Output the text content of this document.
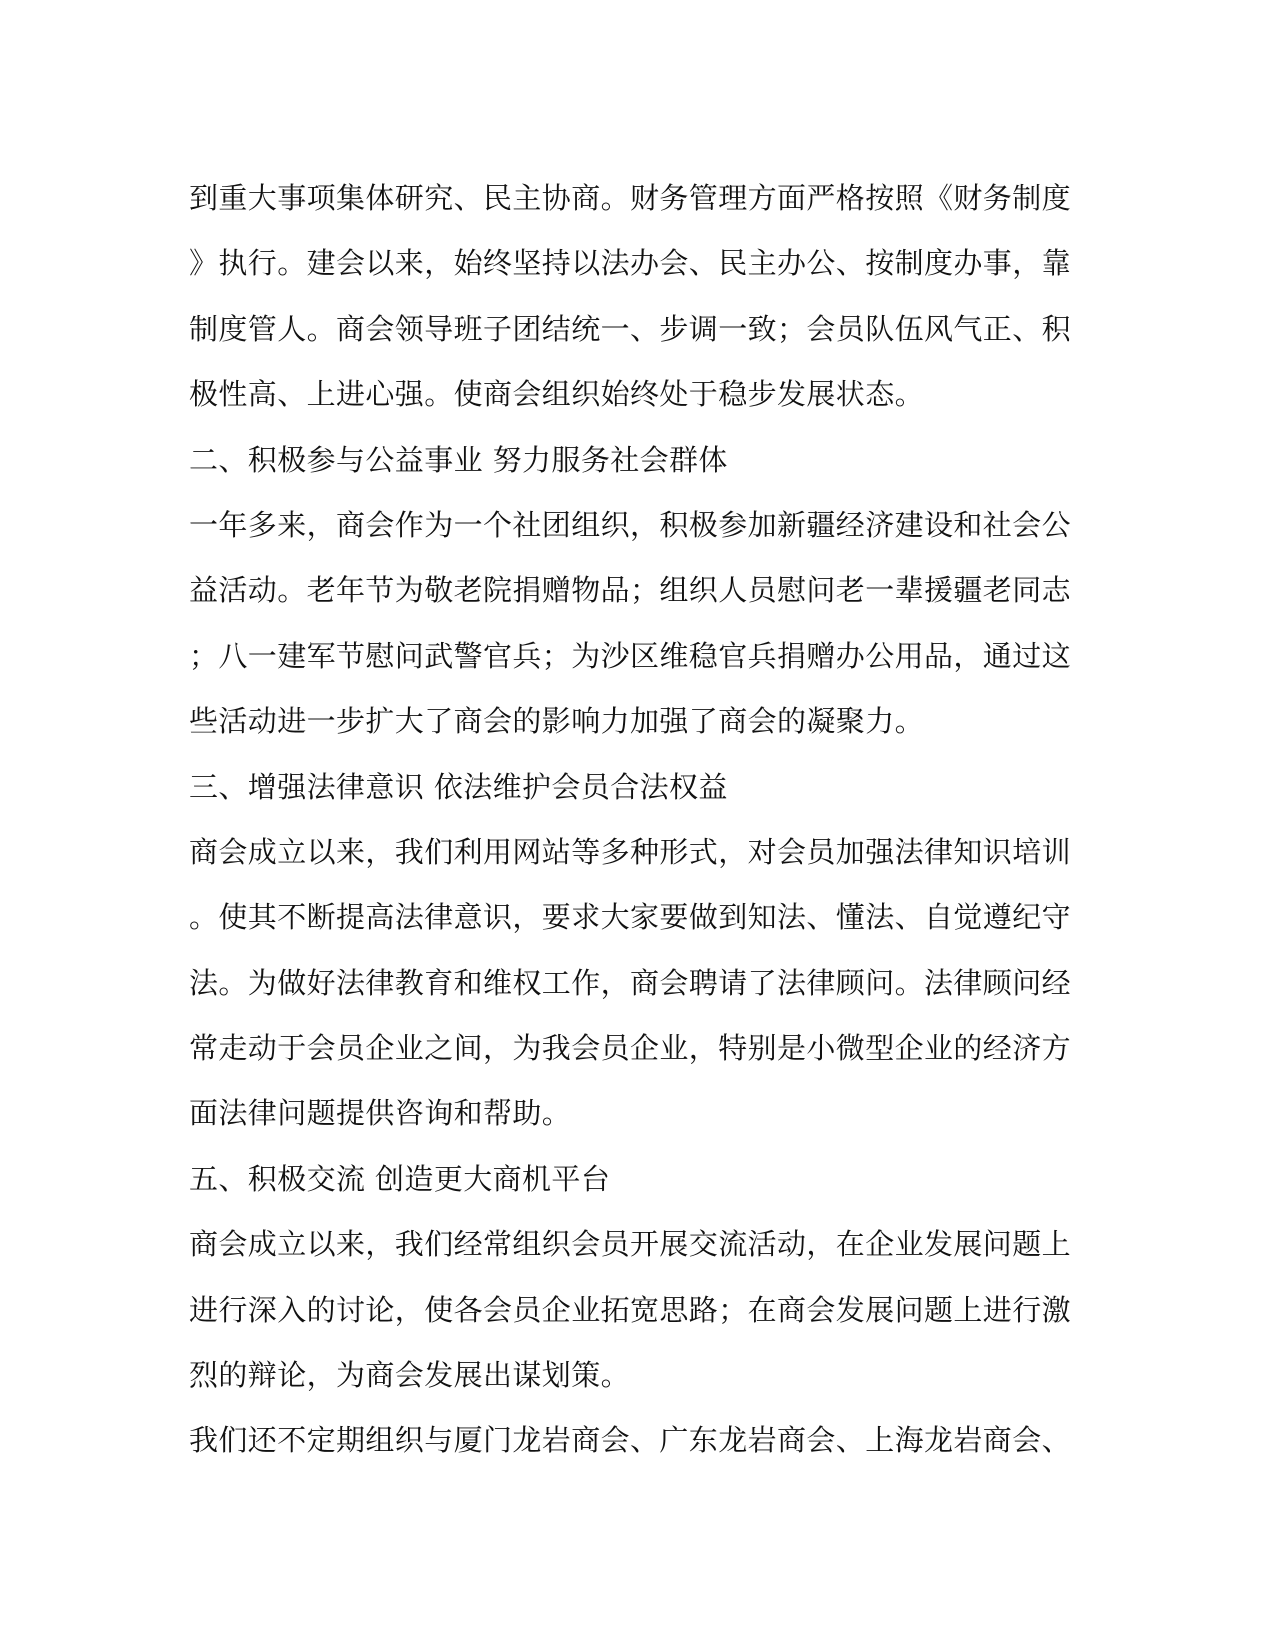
到重大事项集体研究、民主协商。财务管理方面严格按照《财务制度
》执行。建会以来，始终坚持以法办会、民主办公、按制度办事，靠
制度管人。商会领导班子团结统一、步调一致；会员队伍风气正、积
极性高、上进心强。使商会组织始终处于稳步发展状态。
二、积极参与公益事业 努力服务社会群体
一年多来，商会作为一个社团组织，积极参加新疆经济建设和社会公
益活动。老年节为敬老院捐赠物品；组织人员慰问老一辈援疆老同志
；八一建军节慰问武警官兵；为沙区维稳官兵捐赠办公用品，通过这
些活动进一步扩大了商会的影响力加强了商会的凝聚力。
三、增强法律意识 依法维护会员合法权益
商会成立以来，我们利用网站等多种形式，对会员加强法律知识培训
。使其不断提高法律意识，要求大家要做到知法、懂法、自觉遵纪守
法。为做好法律教育和维权工作，商会聘请了法律顾问。法律顾问经
常走动于会员企业之间，为我会员企业，特别是小微型企业的经济方
面法律问题提供咨询和帮助。
五、积极交流 创造更大商机平台
商会成立以来，我们经常组织会员开展交流活动，在企业发展问题上
进行深入的讨论，使各会员企业拓宽思路；在商会发展问题上进行激
烈的辩论，为商会发展出谋划策。
我们还不定期组织与厦门龙岩商会、广东龙岩商会、上海龙岩商会、
